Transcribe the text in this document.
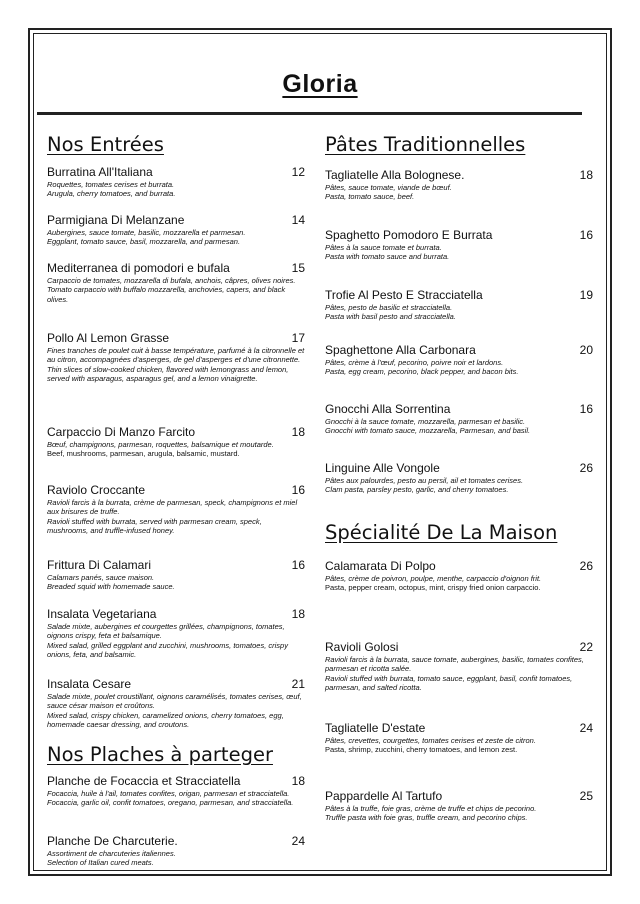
Gloria
Nos Entrées
Burratina All'Italiana	12
Roquettes, tomates cerises et burrata.
Arugula, cherry tomatoes, and burrata.
Parmigiana Di Melanzane	14
Aubergines, sauce tomate, basilic, mozzarella et parmesan.
Eggplant, tomato sauce, basil, mozzarella, and parmesan.
Mediterranea di pomodori e bufala	15
Carpaccio de tomates, mozzarella di bufala, anchois, câpres, olives noires.
Tomato carpaccio with buffalo mozzarella, anchovies, capers, and black olives.
Pollo Al Lemon Grasse	17
Fines tranches de poulet cuit à basse température, parfumé à la citronnelle et au citron, accompagnées d'asperges, de gel d'asperges et d'une citronnette.
Thin slices of slow-cooked chicken, flavored with lemongrass and lemon, served with asparagus, asparagus gel, and a lemon vinaigrette.
Carpaccio Di Manzo Farcito	18
Bœuf, champignons, parmesan, roquettes, balsamique et moutarde.
Beef, mushrooms, parmesan, arugula, balsamic, mustard.
Raviolo Croccante	16
Ravioli farcis à la burrata, crème de parmesan, speck, champignons et miel aux brisures de truffe.
Ravioli stuffed with burrata, served with parmesan cream, speck, mushrooms, and truffle-infused honey.
Frittura Di Calamari	16
Calamars panés, sauce maison.
Breaded squid with homemade sauce.
Insalata Vegetariana	18
Salade mixte, aubergines et courgettes grillées, champignons, tomates, oignons crispy, feta et balsamique.
Mixed salad, grilled eggplant and zucchini, mushrooms, tomatoes, crispy onions, feta, and balsamic.
Insalata Cesare	21
Salade mixte, poulet croustillant, oignons caramélisés, tomates cerises, œuf, sauce césar maison et croûtons.
Mixed salad, crispy chicken, caramelized onions, cherry tomatoes, egg, homemade caesar dressing, and croutons.
Nos Plaches à parteger
Planche de Focaccia et Stracciatella	18
Focaccia, huile à l'ail, tomates confites, origan, parmesan et stracciatella.
Focaccia, garlic oil, confit tomatoes, oregano, parmesan, and stracciatella.
Planche De Charcuterie.	24
Assortiment de charcuteries italiennes.
Selection of Italian cured meats.
Pâtes Traditionnelles
Tagliatelle Alla Bolognese.	18
Pâtes, sauce tomate, viande de bœuf.
Pasta, tomato sauce, beef.
Spaghetto Pomodoro E Burrata	16
Pâtes à la sauce tomate et burrata.
Pasta with tomato sauce and burrata.
Trofie Al Pesto E Stracciatella	19
Pâtes, pesto de basilic et stracciatella.
Pasta with basil pesto and stracciatella.
Spaghettone Alla Carbonara	20
Pâtes, crème à l'œuf, pecorino, poivre noir et lardons.
Pasta, egg cream, pecorino, black pepper, and bacon bits.
Gnocchi Alla Sorrentina	16
Gnocchi à la sauce tomate, mozzarella, parmesan et basilic.
Gnocchi with tomato sauce, mozzarella, Parmesan, and basil.
Linguine Alle Vongole	26
Pâtes aux palourdes, pesto au persil, ail et tomates cerises.
Clam pasta, parsley pesto, garlic, and cherry tomatoes.
Spécialité De La Maison
Calamarata Di Polpo	26
Pâtes, crème de poivron, poulpe, menthe, carpaccio d'oignon frit.
Pasta, pepper cream, octopus, mint, crispy fried onion carpaccio.
Ravioli Golosi	22
Ravioli farcis à la burrata, sauce tomate, aubergines, basilic, tomates confites, parmesan et ricotta salée.
Ravioli stuffed with burrata, tomato sauce, eggplant, basil, confit tomatoes, parmesan, and salted ricotta.
Tagliatelle D'estate	24
Pâtes, crevettes, courgettes, tomates cerises et zeste de citron.
Pasta, shrimp, zucchini, cherry tomatoes, and lemon zest.
Pappardelle Al Tartufo	25
Pâtes à la truffe, foie gras, crème de truffe et chips de pecorino.
Truffle pasta with foie gras, truffle cream, and pecorino chips.
